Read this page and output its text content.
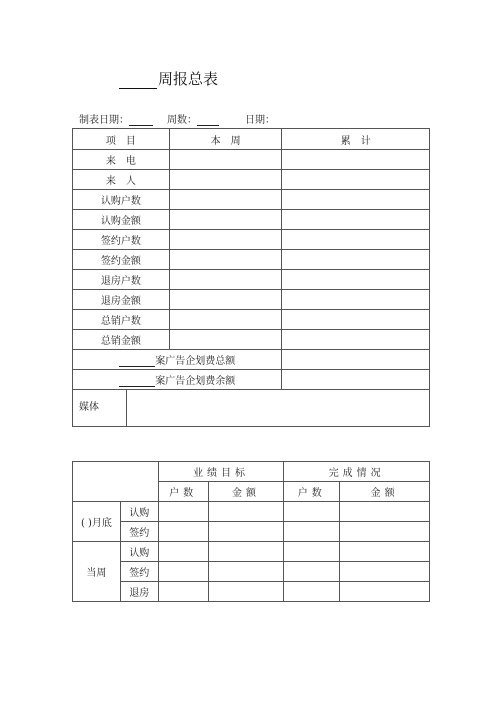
周报总表
制表日期：	周数：	日期：
项　目	本　周	累　计
来　电		
来　人		
认购户数		
认购金额		
签约户数		
签约金额		
退房户数		
退房金额		
总销户数		
总销金额		
案广告企划费总额		
案广告企划费余额		

媒体		
		业绩目标		完成情况	
		户数	金额	户数	金额
( )月底	认购				
	签约				
当周	认购				
	签约				
	退房				
